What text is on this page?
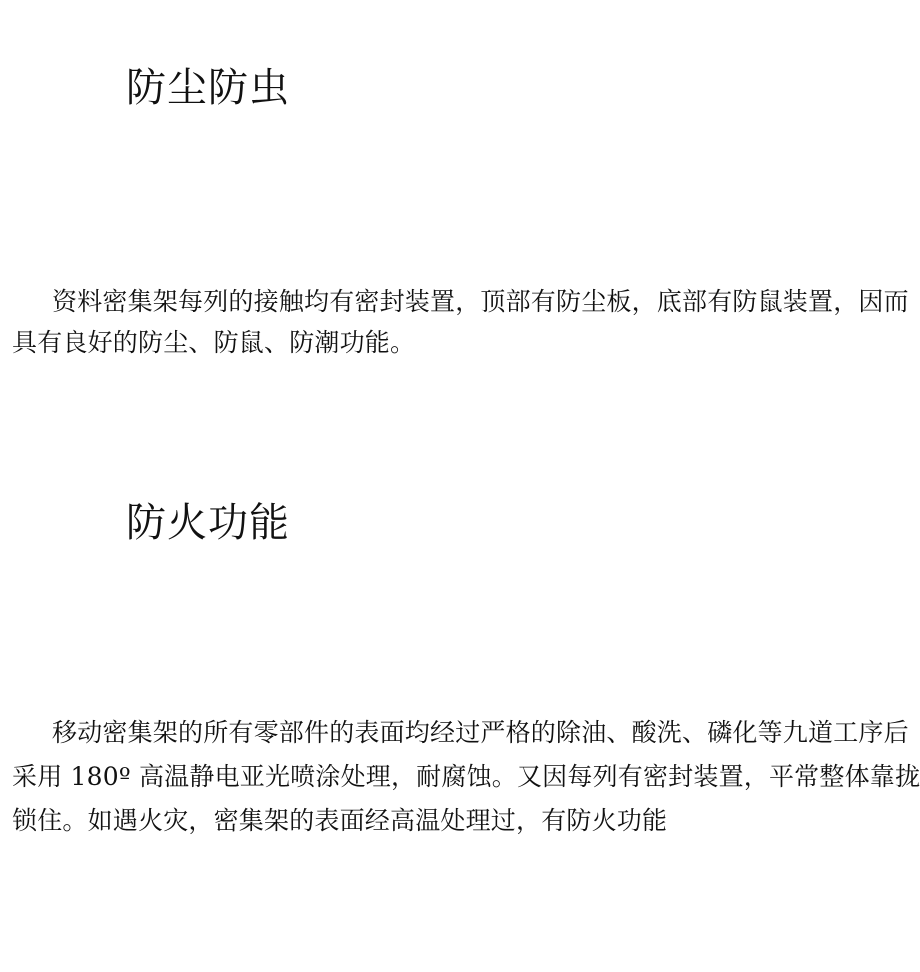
防尘防虫

资料密集架每列的接触均有密封装置，顶部有防尘板，底部有防鼠装置，因而
具有良好的防尘、防鼠、防潮功能。

防火功能

移动密集架的所有零部件的表面均经过严格的除油、酸洗、磷化等九道工序后
采用 180º 高温静电亚光喷涂处理，耐腐蚀。又因每列有密封装置，平常整体靠拢
锁住。如遇火灾，密集架的表面经高温处理过，有防火功能
